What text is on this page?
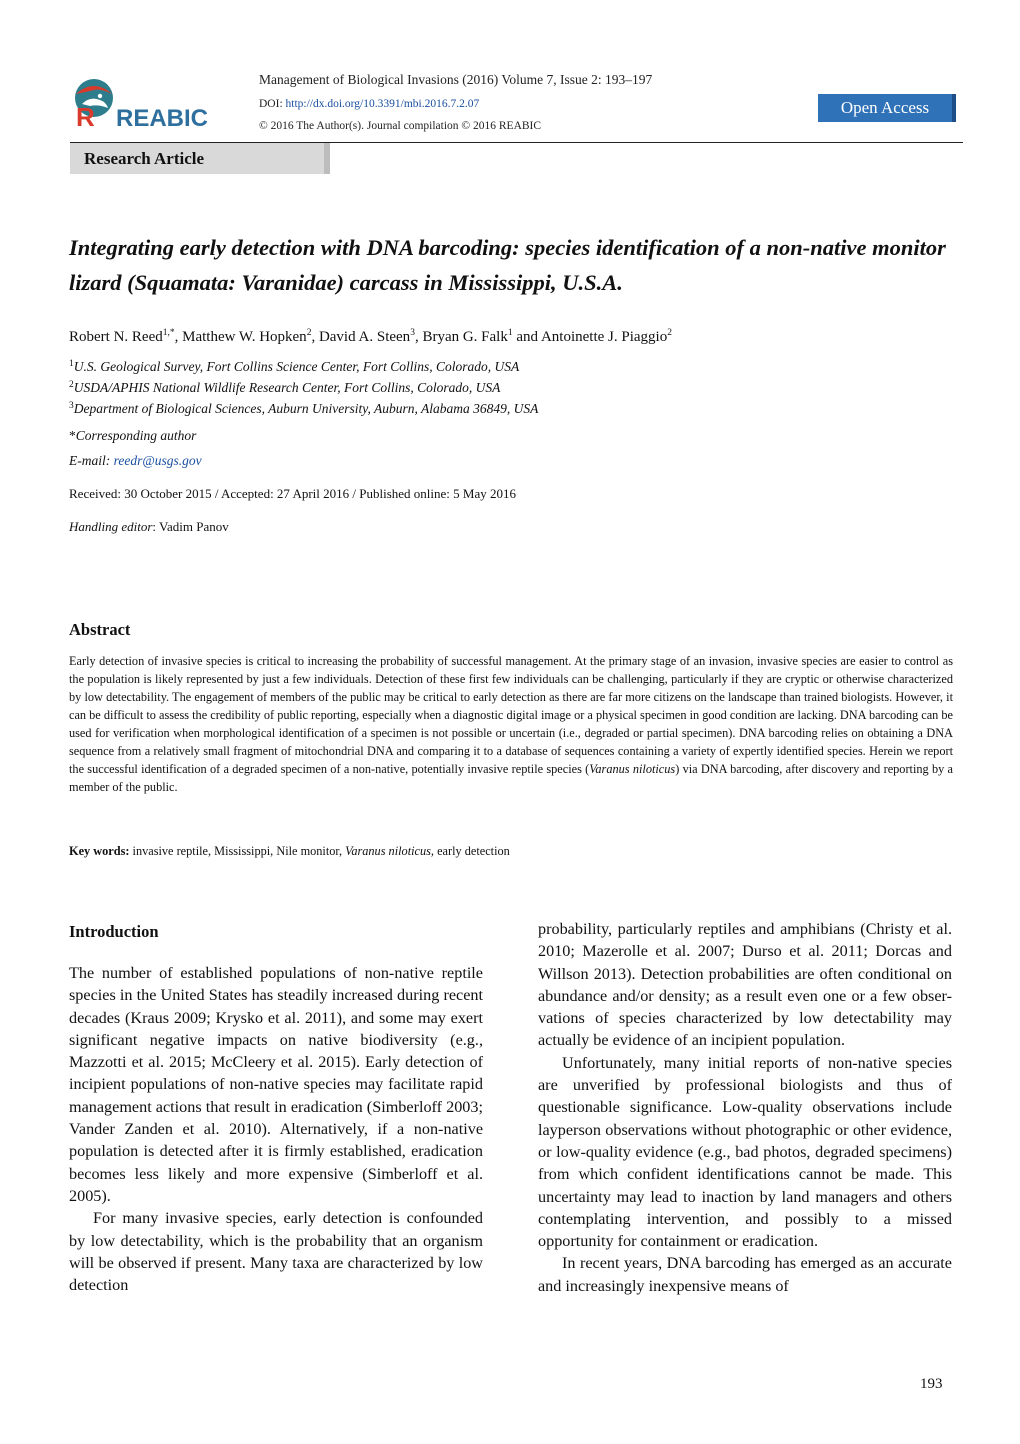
REABIC
R
Management of Biological Invasions (2016) Volume 7, Issue 2: 193–197
DOI: http://dx.doi.org/10.3391/mbi.2016.7.2.07
© 2016 The Author(s). Journal compilation © 2016 REABIC
Open Access
Research Article
Integrating early detection with DNA barcoding: species identification of a non-native monitor lizard (Squamata: Varanidae) carcass in Mississippi, U.S.A.
Robert N. Reed$^{1,*}$, Matthew W. Hopken$^2$, David A. Steen$^3$, Bryan G. Falk$^1$ and Antoinette J. Piaggio$^2$
$^1$U.S. Geological Survey, Fort Collins Science Center, Fort Collins, Colorado, USA
$^2$USDA/APHIS National Wildlife Research Center, Fort Collins, Colorado, USA
$^3$Department of Biological Sciences, Auburn University, Auburn, Alabama 36849, USA
*Corresponding author
E-mail: reedr@usgs.gov
Received: 30 October 2015 / Accepted: 27 April 2016 / Published online: 5 May 2016
Handling editor: Vadim Panov
Abstract
Early detection of invasive species is critical to increasing the probability of successful management. At the primary stage of an invasion, invasive species are easier to control as the population is likely represented by just a few individuals. Detection of these first few individuals can be challenging, particularly if they are cryptic or otherwise characterized by low detectability. The engagement of members of the public may be critical to early detection as there are far more citizens on the landscape than trained biologists. However, it can be difficult to assess the credibility of public reporting, especially when a diagnostic digital image or a physical specimen in good condition are lacking. DNA barcoding can be used for verification when morphological identification of a specimen is not possible or uncertain (i.e., degraded or partial specimen). DNA barcoding relies on obtaining a DNA sequence from a relatively small fragment of mitochondrial DNA and comparing it to a database of sequences containing a variety of expertly identified species. Herein we report the successful identification of a degraded specimen of a non-native, potentially invasive reptile species (Varanus niloticus) via DNA barcoding, after discovery and reporting by a member of the public.
Key words: invasive reptile, Mississippi, Nile monitor, Varanus niloticus, early detection
Introduction

The number of established populations of non-native reptile species in the United States has steadily increased during recent decades (Kraus 2009; Krysko et al. 2011), and some may exert significant negative impacts on native biodiversity (e.g., Mazzotti et al. 2015; McCleery et al. 2015). Early detection of incipient populations of non-native species may facilitate rapid management actions that result in eradication (Simberloff 2003; Vander Zanden et al. 2010). Alternatively, if a non-native population is detected after it is firmly established, eradication becomes less likely and more expensive (Simberloff et al. 2005).

For many invasive species, early detection is confounded by low detectability, which is the probability that an organism will be observed if present. Many taxa are characterized by low detection

probability, particularly reptiles and amphibians (Christy et al. 2010; Mazerolle et al. 2007; Durso et al. 2011; Dorcas and Willson 2013). Detection probabilities are often conditional on abundance and/or density; as a result even one or a few obser-vations of species characterized by low detectability may actually be evidence of an incipient population.

Unfortunately, many initial reports of non-native species are unverified by professional biologists and thus of questionable significance. Low-quality observations include layperson observations without photographic or other evidence, or low-quality evidence (e.g., bad photos, degraded specimens) from which confident identifications cannot be made. This uncertainty may lead to inaction by land managers and others contemplating intervention, and possibly to a missed opportunity for containment or eradication.

In recent years, DNA barcoding has emerged as an accurate and increasingly inexpensive means of

193
